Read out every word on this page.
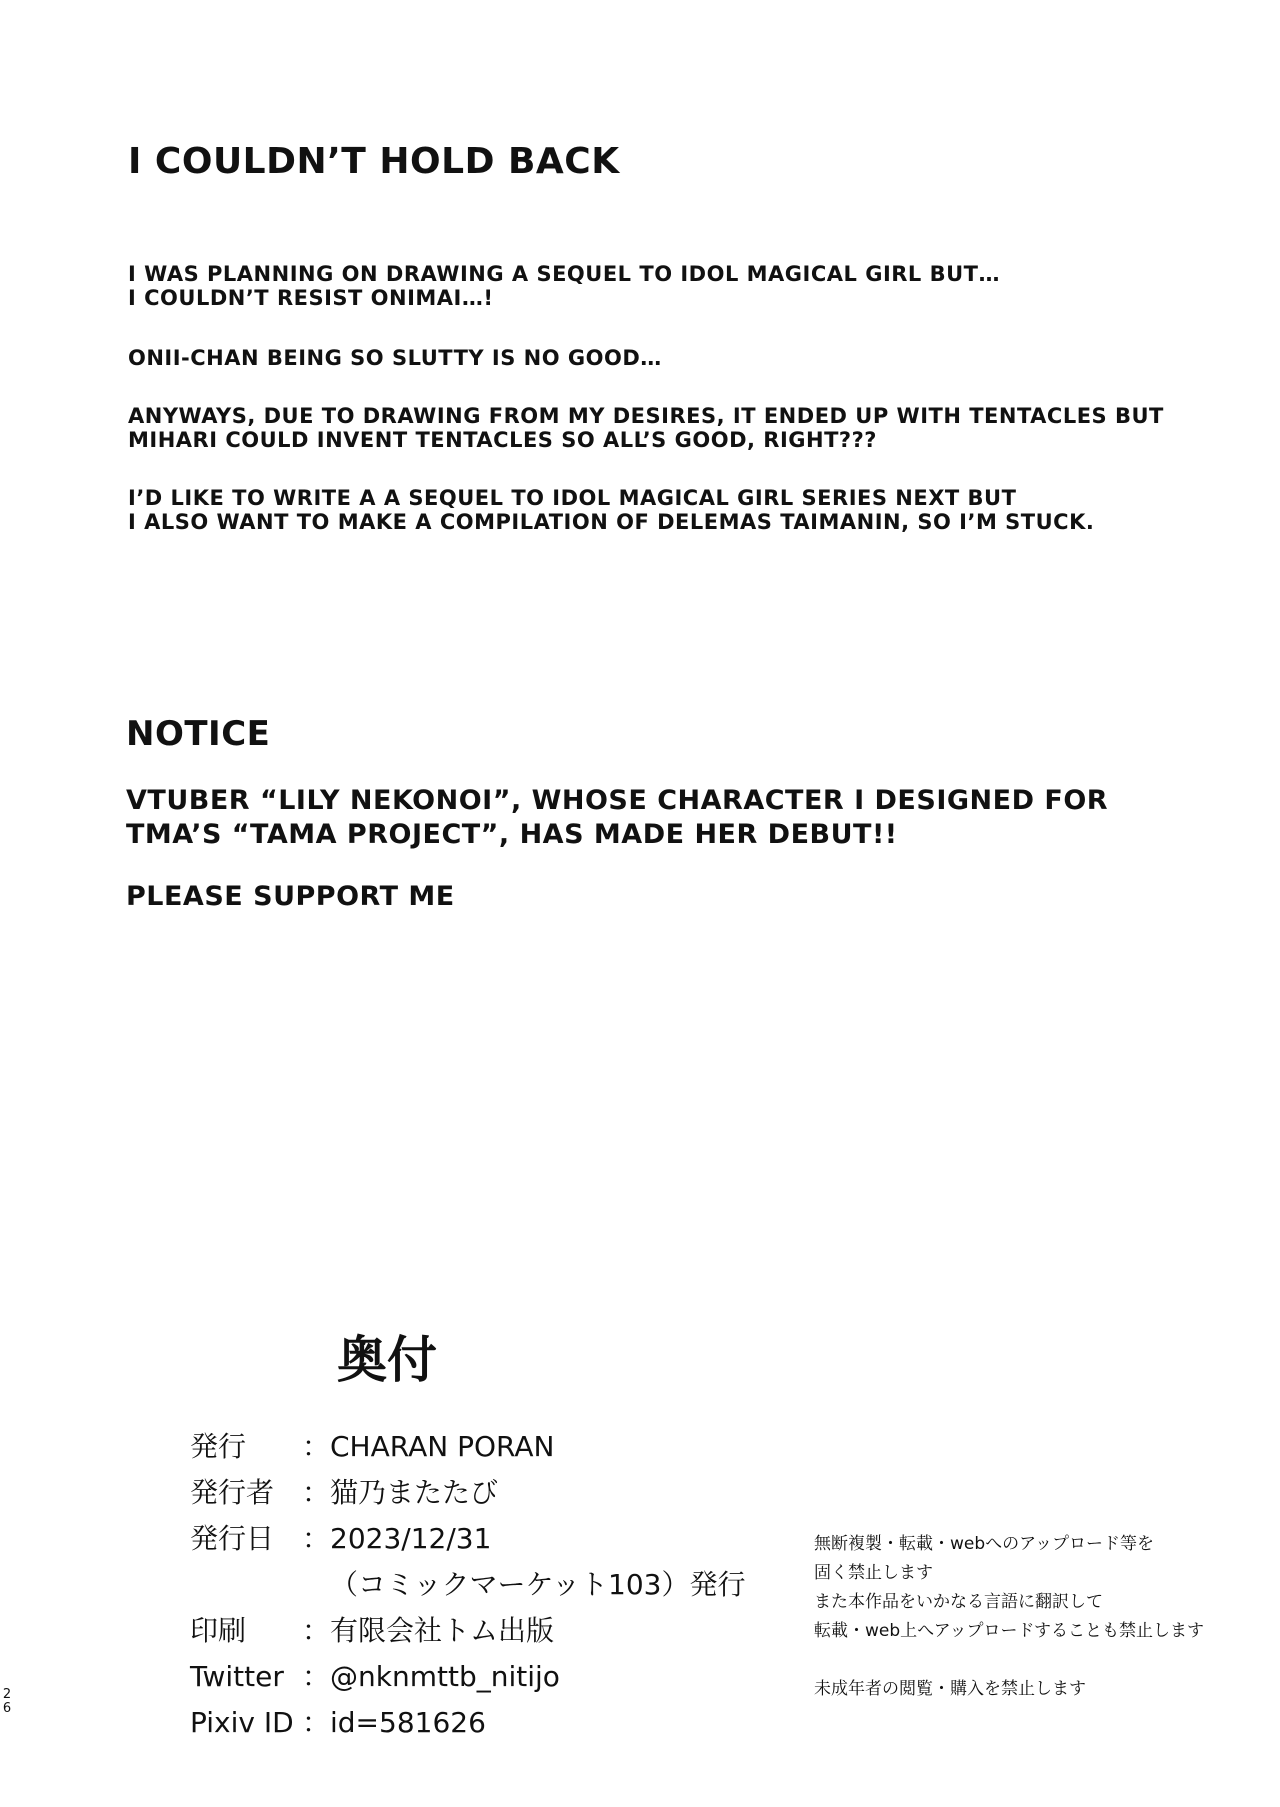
I COULDN’T HOLD BACK
I WAS PLANNING ON DRAWING A SEQUEL TO IDOL MAGICAL GIRL BUT…
I COULDN’T RESIST ONIMAI…!
ONII-CHAN BEING SO SLUTTY IS NO GOOD…
ANYWAYS, DUE TO DRAWING FROM MY DESIRES, IT ENDED UP WITH TENTACLES BUT
MIHARI COULD INVENT TENTACLES SO ALL’S GOOD, RIGHT???
I’D LIKE TO WRITE A A SEQUEL TO IDOL MAGICAL GIRL SERIES NEXT BUT
I ALSO WANT TO MAKE A COMPILATION OF DELEMAS TAIMANIN, SO I’M STUCK.
NOTICE
VTUBER “LILY NEKONOI”, WHOSE CHARACTER I DESIGNED FOR
TMA’S “TAMA PROJECT”, HAS MADE HER DEBUT!!
PLEASE SUPPORT ME
奥付
発行	： CHARAN PORAN
発行者 ： 猫乃またたび
発行日 ： 2023/12/31
（コミックマーケット103）発行
印刷	： 有限会社トム出版
Twitter ： @nknmttb_nitijo
Pixiv ID ： id=581626
無断複製・転載・webへのアップロード等を
固く禁止します
また本作品をいかなる言語に翻訳して
転載・web上へアップロードすることも禁止します
未成年者の閲覧・購入を禁止します
2
6
